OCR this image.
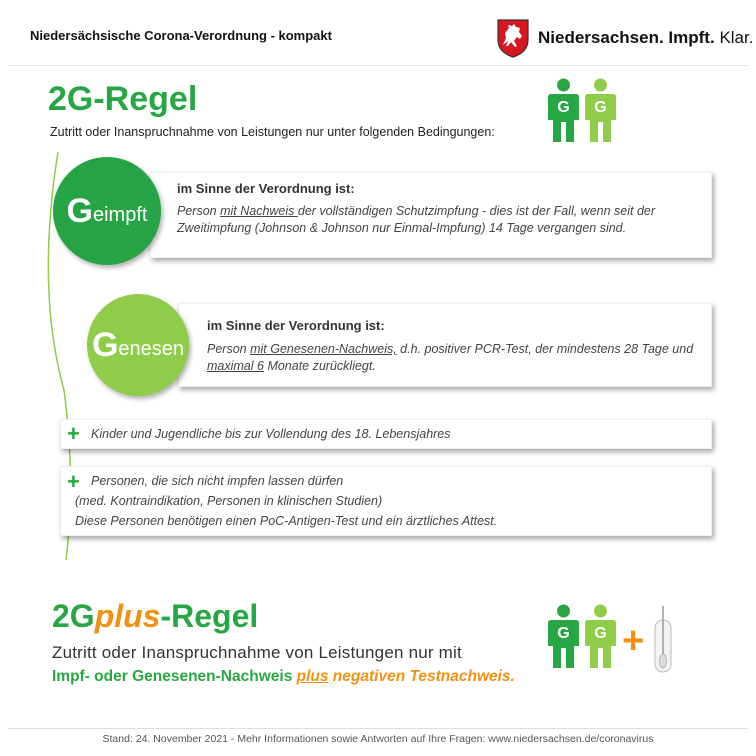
Niedersächsische Corona-Verordnung - kompakt	Niedersachsen. Impft. Klar.
2G-Regel
Zutritt oder Inanspruchnahme von Leistungen nur unter folgenden Bedingungen:
G G
im Sinne der Verordnung ist:
Person mit Nachweis der vollständigen Schutzimpfung - dies ist der Fall, wenn seit der Zweitimpfung (Johnson & Johnson nur Einmal-Impfung) 14 Tage vergangen sind.
G eimpft
im Sinne der Verordnung ist:
Person mit Genesenen-Nachweis, d.h. positiver PCR-Test, der mindestens 28 Tage und maximal 6 Monate zurückliegt.
G enesen
+ Kinder und Jugendliche bis zur Vollendung des 18. Lebensjahres
+ Personen, die sich nicht impfen lassen dürfen
(med. Kontraindikation, Personen in klinischen Studien)
Diese Personen benötigen einen PoC-Antigen-Test und ein ärztliches Attest.
2Gplus-Regel
Zutritt oder Inanspruchnahme von Leistungen nur mit
Impf- oder Genesenen-Nachweis plus negativen Testnachweis.
G G +
Stand: 24. November 2021 - Mehr Informationen sowie Antworten auf Ihre Fragen: www.niedersachsen.de/coronavirus
